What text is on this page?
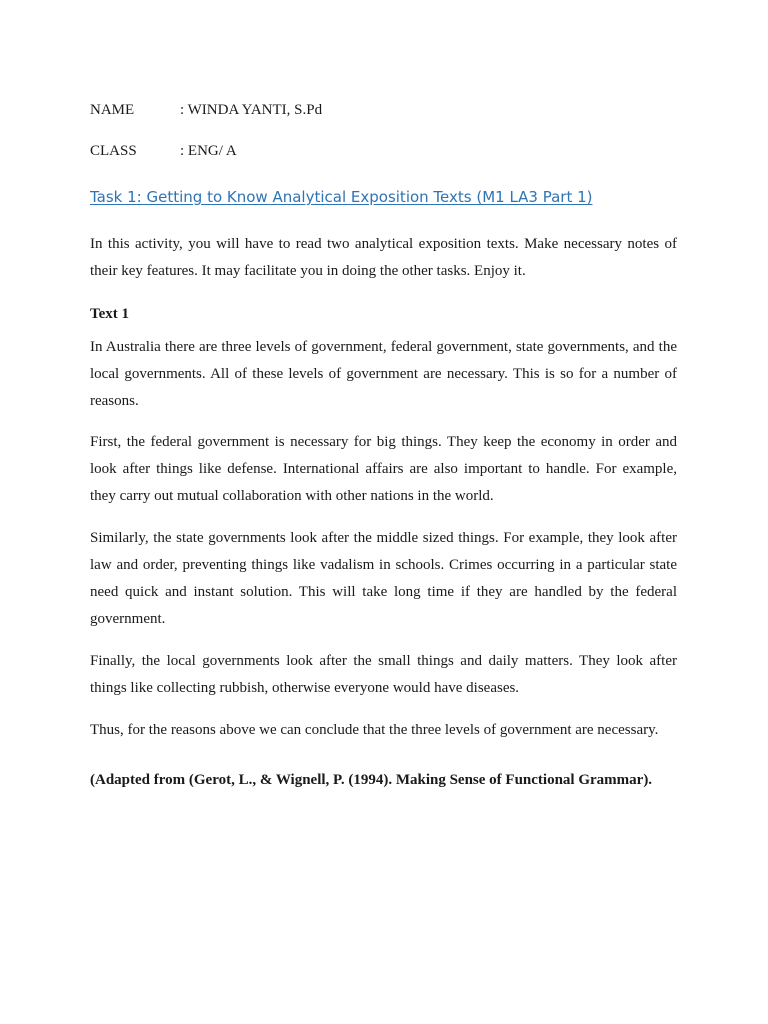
NAME	: WINDA YANTI, S.Pd
CLASS	: ENG/ A
Task 1: Getting to Know Analytical Exposition Texts (M1 LA3 Part 1)

In this activity, you will have to read two analytical exposition texts. Make necessary notes of their key features. It may facilitate you in doing the other tasks. Enjoy it.

Text 1

In Australia there are three levels of government, federal government, state governments, and the local governments. All of these levels of government are necessary. This is so for a number of reasons.

First, the federal government is necessary for big things. They keep the economy in order and look after things like defense. International affairs are also important to handle. For example, they carry out mutual collaboration with other nations in the world.

Similarly, the state governments look after the middle sized things. For example, they look after law and order, preventing things like vadalism in schools. Crimes occurring in a particular state need quick and instant solution. This will take long time if they are handled by the federal government.

Finally, the local governments look after the small things and daily matters. They look after things like collecting rubbish, otherwise everyone would have diseases.

Thus, for the reasons above we can conclude that the three levels of government are necessary.

(Adapted from (Gerot, L., & Wignell, P. (1994). Making Sense of Functional Grammar).
